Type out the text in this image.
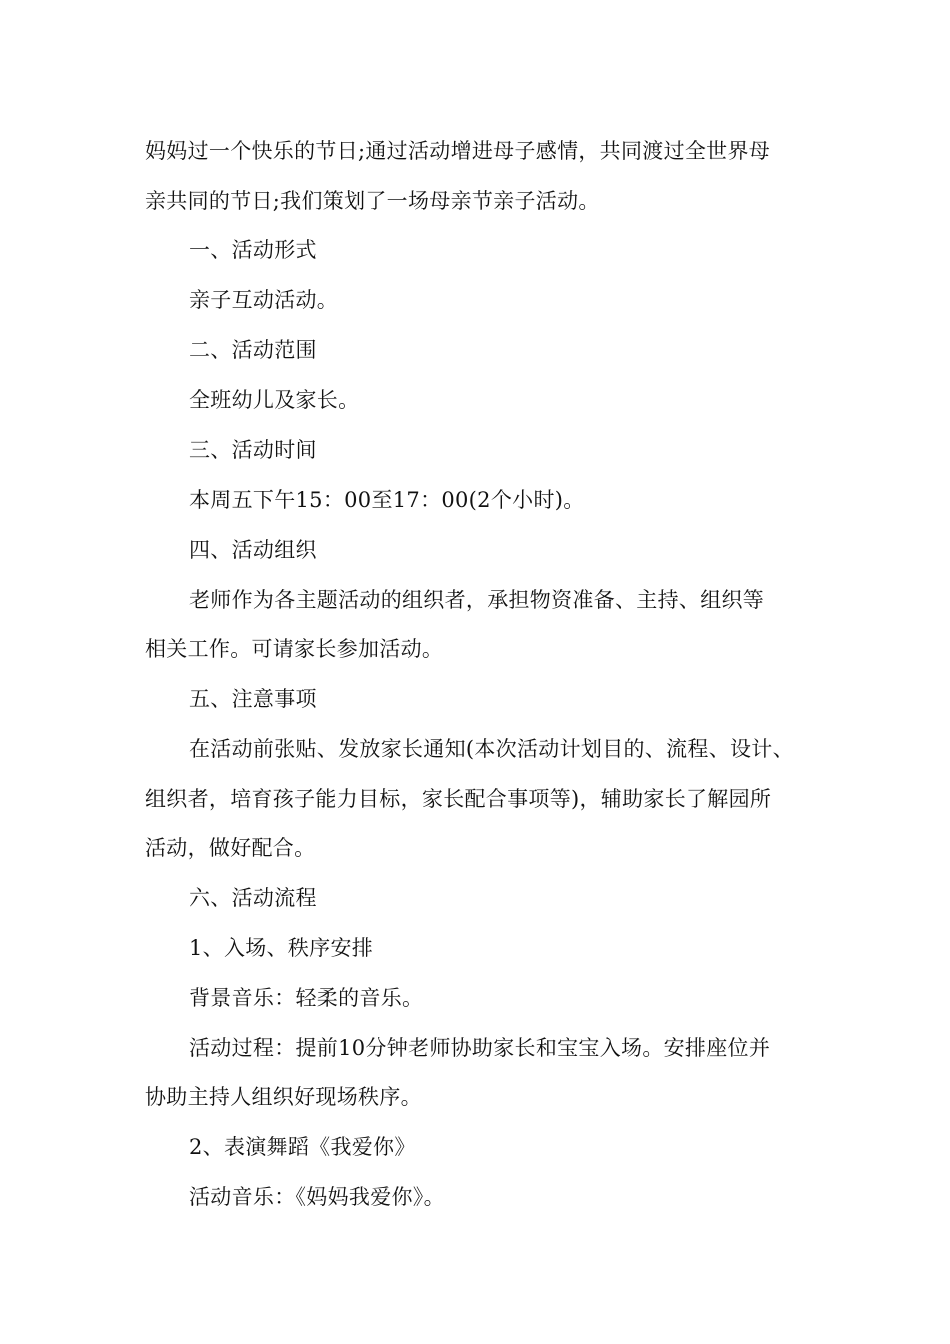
妈妈过一个快乐的节日;通过活动增进母子感情，共同渡过全世界母
亲共同的节日;我们策划了一场母亲节亲子活动。
一、活动形式
亲子互动活动。
二、活动范围
全班幼儿及家长。
三、活动时间
本周五下午15：00至17：00(2个小时)。
四、活动组织
老师作为各主题活动的组织者，承担物资准备、主持、组织等
相关工作。可请家长参加活动。
五、注意事项
在活动前张贴、发放家长通知(本次活动计划目的、流程、设计、
组织者，培育孩子能力目标，家长配合事项等)，辅助家长了解园所
活动，做好配合。
六、活动流程
1、入场、秩序安排
背景音乐：轻柔的音乐。
活动过程：提前10分钟老师协助家长和宝宝入场。安排座位并
协助主持人组织好现场秩序。
2、表演舞蹈《我爱你》
活动音乐：《妈妈我爱你》。
